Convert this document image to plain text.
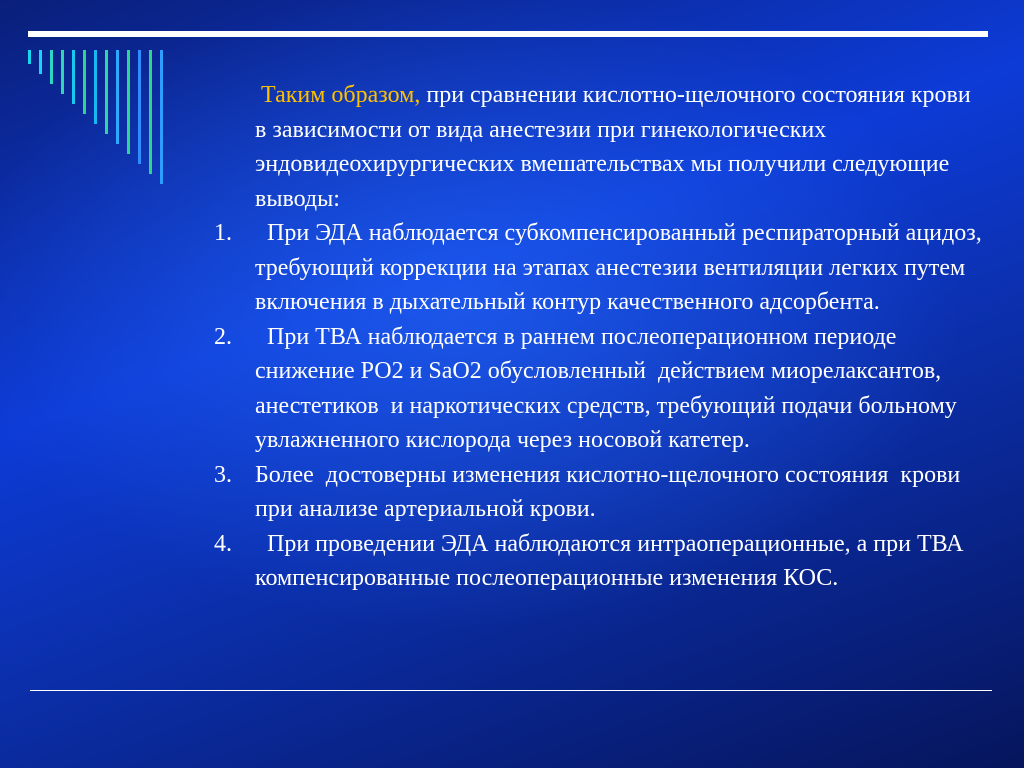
Таким образом, при сравнении кислотно-щелочного состояния крови в зависимости от вида анестезии при гинекологических эндовидеохирургических вмешательствах мы получили следующие выводы:
1. При ЭДА наблюдается субкомпенсированный респираторный ацидоз, требующий коррекции на этапах анестезии вентиляции легких путем включения в дыхательный контур качественного адсорбента.
2. При ТВА наблюдается в раннем послеоперационном периоде снижение РО2 и SaO2 обусловленный  действием миорелаксантов, анестетиков  и наркотических средств, требующий подачи больному увлажненного кислорода через носовой катетер.
3. Более  достоверны изменения кислотно-щелочного состояния  крови при анализе артериальной крови.
4. При проведении ЭДА наблюдаются интраоперационные, а при ТВА    компенсированные послеоперационные изменения КОС.
